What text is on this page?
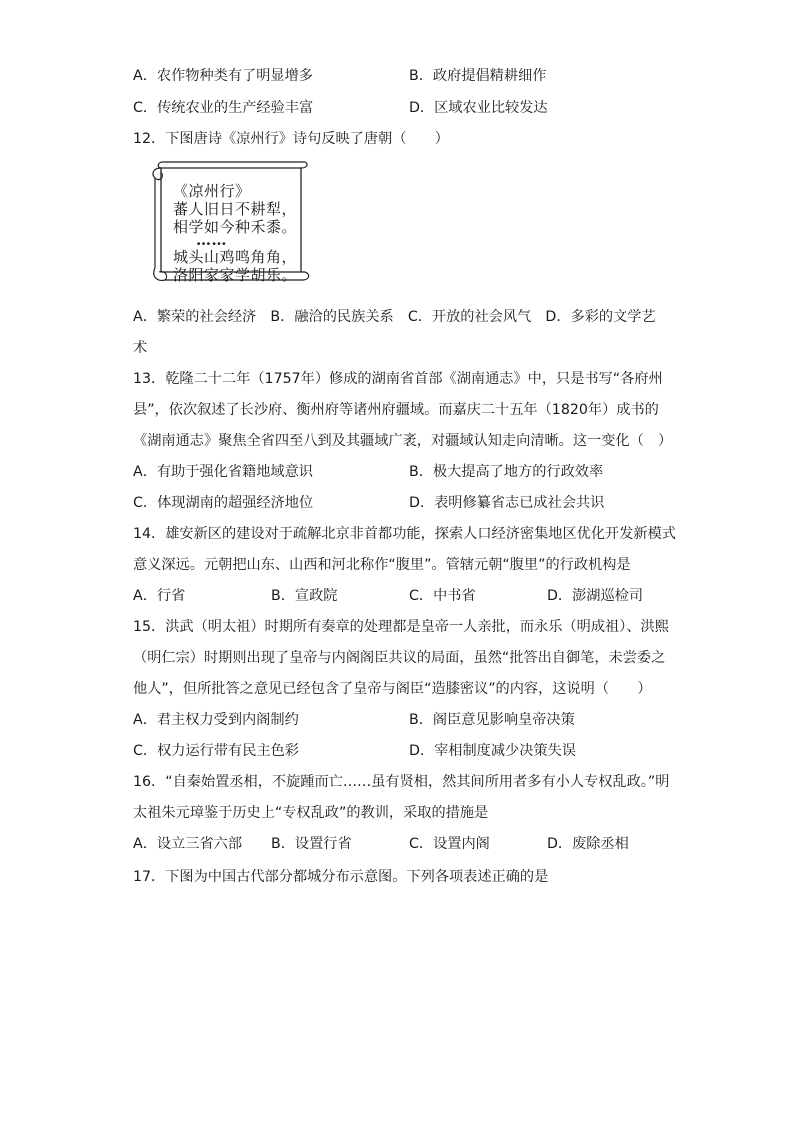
A．农作物种类有了明显增多	B．政府提倡精耕细作
C．传统农业的生产经验丰富	D．区域农业比较发达
12．下图唐诗《凉州行》诗句反映了唐朝（　　）
《凉州行》
蕃人旧日不耕犁，
相学如今种禾黍。
……
城头山鸡鸣角角，
洛阳家家学胡乐。
A．繁荣的社会经济　B．融洽的民族关系　C．开放的社会风气　D．多彩的文学艺
术
13．乾隆二十二年（1757年）修成的湖南省首部《湖南通志》中，只是书写“各府州
县”，依次叙述了长沙府、衡州府等诸州府疆域。而嘉庆二十五年（1820年）成书的
《湖南通志》聚焦全省四至八到及其疆域广袤，对疆域认知走向清晰。这一变化（　）
A．有助于强化省籍地域意识	B．极大提高了地方的行政效率
C．体现湖南的超强经济地位	D．表明修纂省志已成社会共识
14．雄安新区的建设对于疏解北京非首都功能，探索人口经济密集地区优化开发新模式
意义深远。元朝把山东、山西和河北称作“腹里”。管辖元朝“腹里”的行政机构是
A．行省	B．宣政院	C．中书省	D．澎湖巡检司
15．洪武（明太祖）时期所有奏章的处理都是皇帝一人亲批，而永乐（明成祖）、洪熙
（明仁宗）时期则出现了皇帝与内阁阁臣共议的局面，虽然“批答出自御笔，未尝委之
他人”，但所批答之意见已经包含了皇帝与阁臣“造膝密议”的内容，这说明（　　）
A．君主权力受到内阁制约	B．阁臣意见影响皇帝决策
C．权力运行带有民主色彩	D．宰相制度减少决策失误
16．“自秦始置丞相，不旋踵而亡……虽有贤相，然其间所用者多有小人专权乱政。”明
太祖朱元璋鉴于历史上“专权乱政”的教训，采取的措施是
A．设立三省六部 B．设置行省	C．设置内阁	D．废除丞相
17．下图为中国古代部分都城分布示意图。下列各项表述正确的是
